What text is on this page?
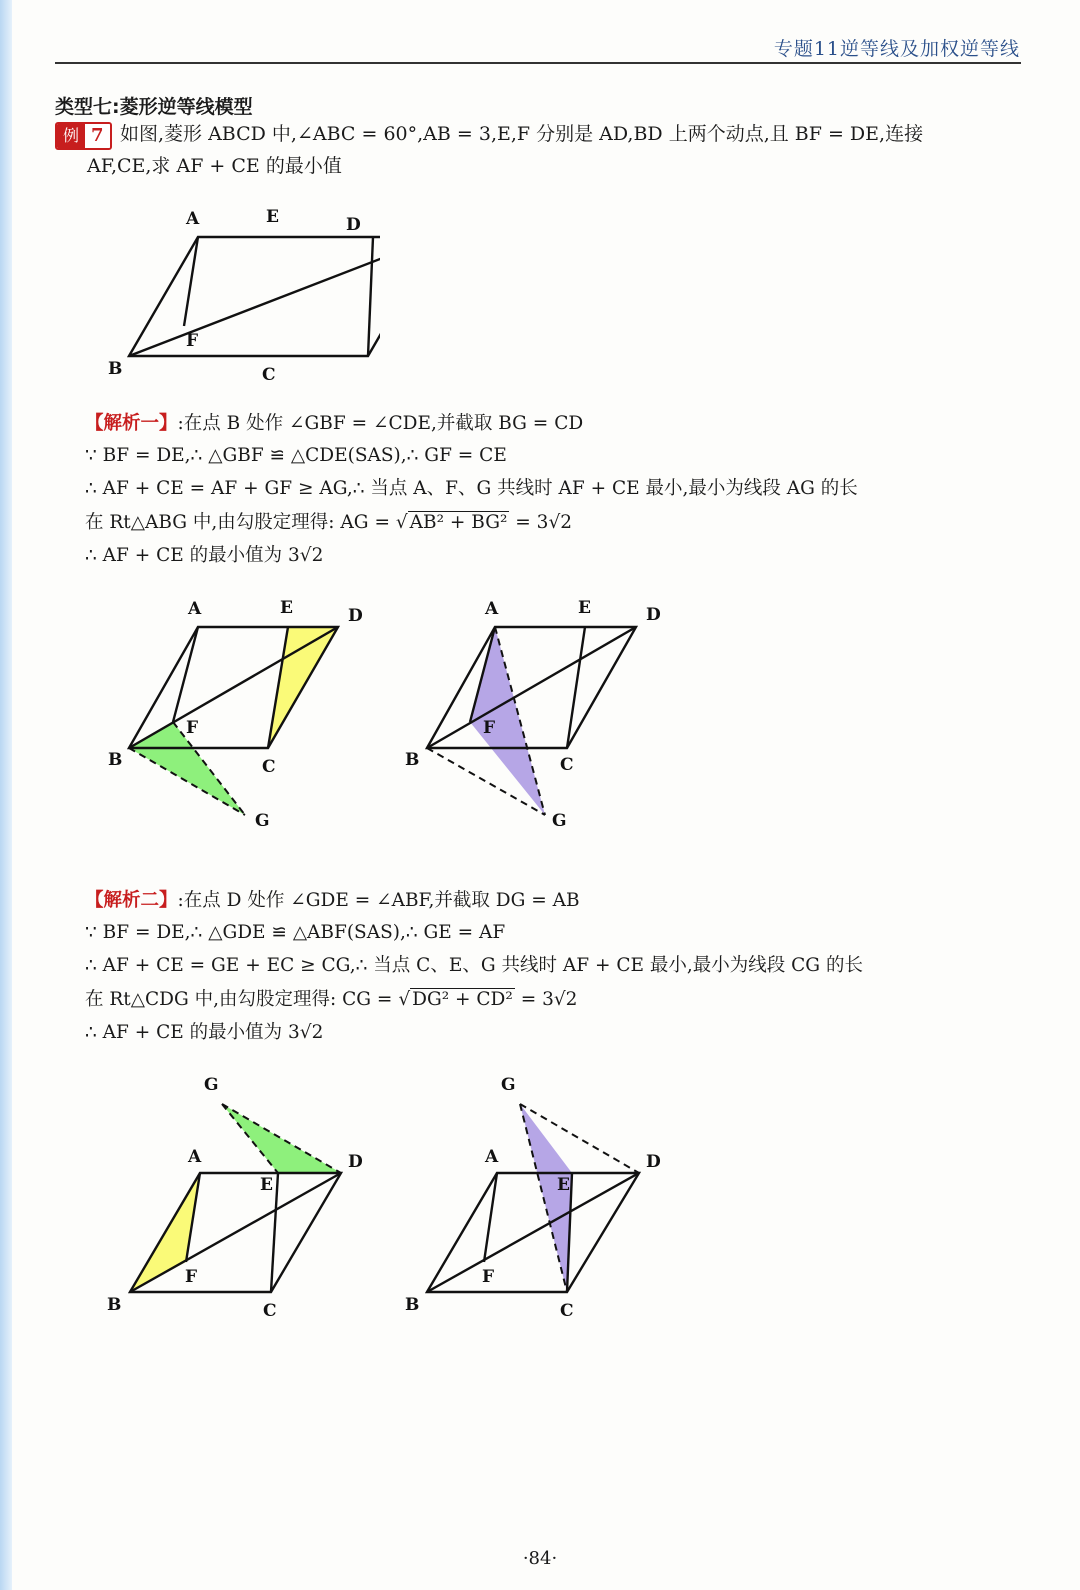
专题11逆等线及加权逆等线
类型七:菱形逆等线模型
例 7 如图,菱形 ABCD 中,∠ABC = 60°,AB = 3,E,F 分别是 AD,BD 上两个动点,且 BF = DE,连接
AF,CE,求 AF + CE 的最小值
A	E	D
B	C
F
【解析一】:在点 B 处作 ∠GBF = ∠CDE,并截取 BG = CD
∵ BF = DE,∴ △GBF ≌ △CDE(SAS),∴ GF = CE
∴ AF + CE = AF + GF ≥ AG,∴ 当点 A、F、G 共线时 AF + CE 最小,最小为线段 AG 的长
在 Rt△ABG 中,由勾股定理得: AG = √ AB² + BG² = 3√2
∴ AF + CE 的最小值为 3√2
A	E	D
B	C
F
G
A	E	D
B	C
F
G
【解析二】:在点 D 处作 ∠GDE = ∠ABF,并截取 DG = AB
∵ BF = DE,∴ △GDE ≌ △ABF(SAS),∴ GE = AF
∴ AF + CE = GE + EC ≥ CG,∴ 当点 C、E、G 共线时 AF + CE 最小,最小为线段 CG 的长
在 Rt△CDG 中,由勾股定理得: CG = √ DG² + CD² = 3√2
∴ AF + CE 的最小值为 3√2
G
A
E
D
B	C
F
G
A
E
D
B	C
F
·84·
